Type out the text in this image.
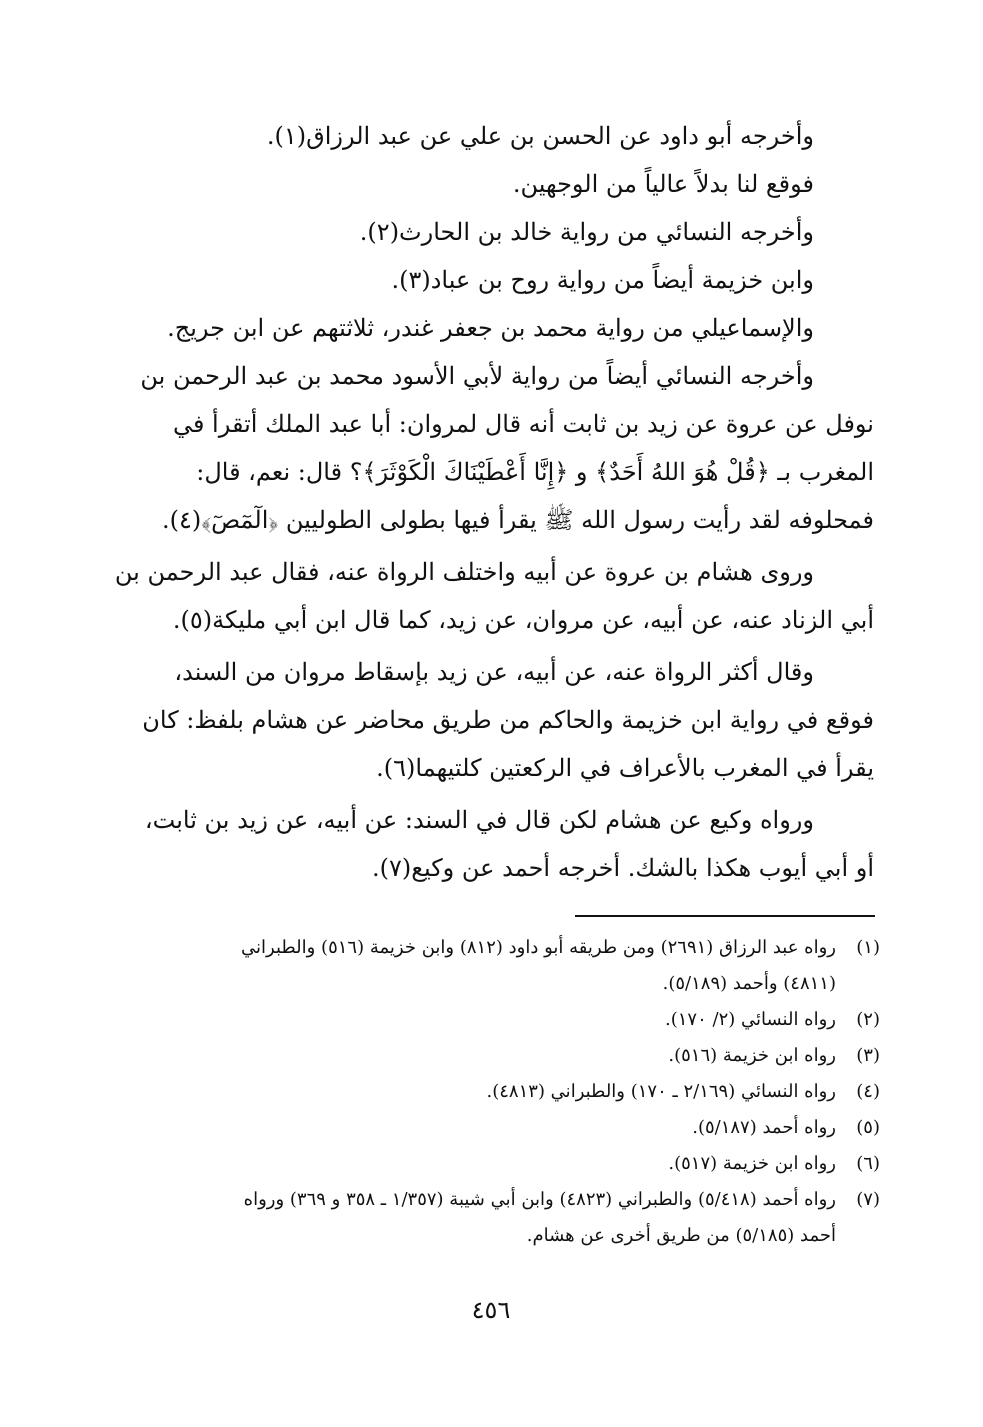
وأخرجه أبو داود عن الحسن بن علي عن عبد الرزاق(١).
فوقع لنا بدلاً عالياً من الوجهين.
وأخرجه النسائي من رواية خالد بن الحارث(٢).
وابن خزيمة أيضاً من رواية روح بن عباد(٣).
والإسماعيلي من رواية محمد بن جعفر غندر، ثلاثتهم عن ابن جريج.
وأخرجه النسائي أيضاً من رواية لأبي الأسود محمد بن عبد الرحمن بن
نوفل عن عروة عن زيد بن ثابت أنه قال لمروان: أبا عبد الملك أتقرأ في
المغرب بـ ﴿قُلْ هُوَ اللهُ أَحَدٌ﴾ و ﴿إِنَّا أَعْطَيْنَاكَ الْكَوْثَرَ﴾؟ قال: نعم، قال:
فمحلوفه لقد رأيت رسول الله ﷺ يقرأ فيها بطولى الطوليين ﴿الٓمٓصٓ﴾(٤).
وروى هشام بن عروة عن أبيه واختلف الرواة عنه، فقال عبد الرحمن بن
أبي الزناد عنه، عن أبيه، عن مروان، عن زيد، كما قال ابن أبي مليكة(٥).
وقال أكثر الرواة عنه، عن أبيه، عن زيد بإسقاط مروان من السند،
فوقع في رواية ابن خزيمة والحاكم من طريق محاضر عن هشام بلفظ: كان
يقرأ في المغرب بالأعراف في الركعتين كلتيهما(٦).
ورواه وكيع عن هشام لكن قال في السند: عن أبيه، عن زيد بن ثابت،
أو أبي أيوب هكذا بالشك. أخرجه أحمد عن وكيع(٧).
(١)
رواه عبد الرزاق (٢٦٩١) ومن طريقه أبو داود (٨١٢) وابن خزيمة (٥١٦) والطبراني
(٤٨١١) وأحمد (٥/١٨٩).
(٢)
رواه النسائي (٢/ ١٧٠).
(٣)
رواه ابن خزيمة (٥١٦).
(٤)
رواه النسائي (٢/١٦٩ ـ ١٧٠) والطبراني (٤٨١٣).
(٥)
رواه أحمد (٥/١٨٧).
(٦)
رواه ابن خزيمة (٥١٧).
(٧)
رواه أحمد (٥/٤١٨) والطبراني (٤٨٢٣) وابن أبي شيبة (١/٣٥٧ ـ ٣٥٨ و ٣٦٩) ورواه
أحمد (٥/١٨٥) من طريق أخرى عن هشام.
٤٥٦
